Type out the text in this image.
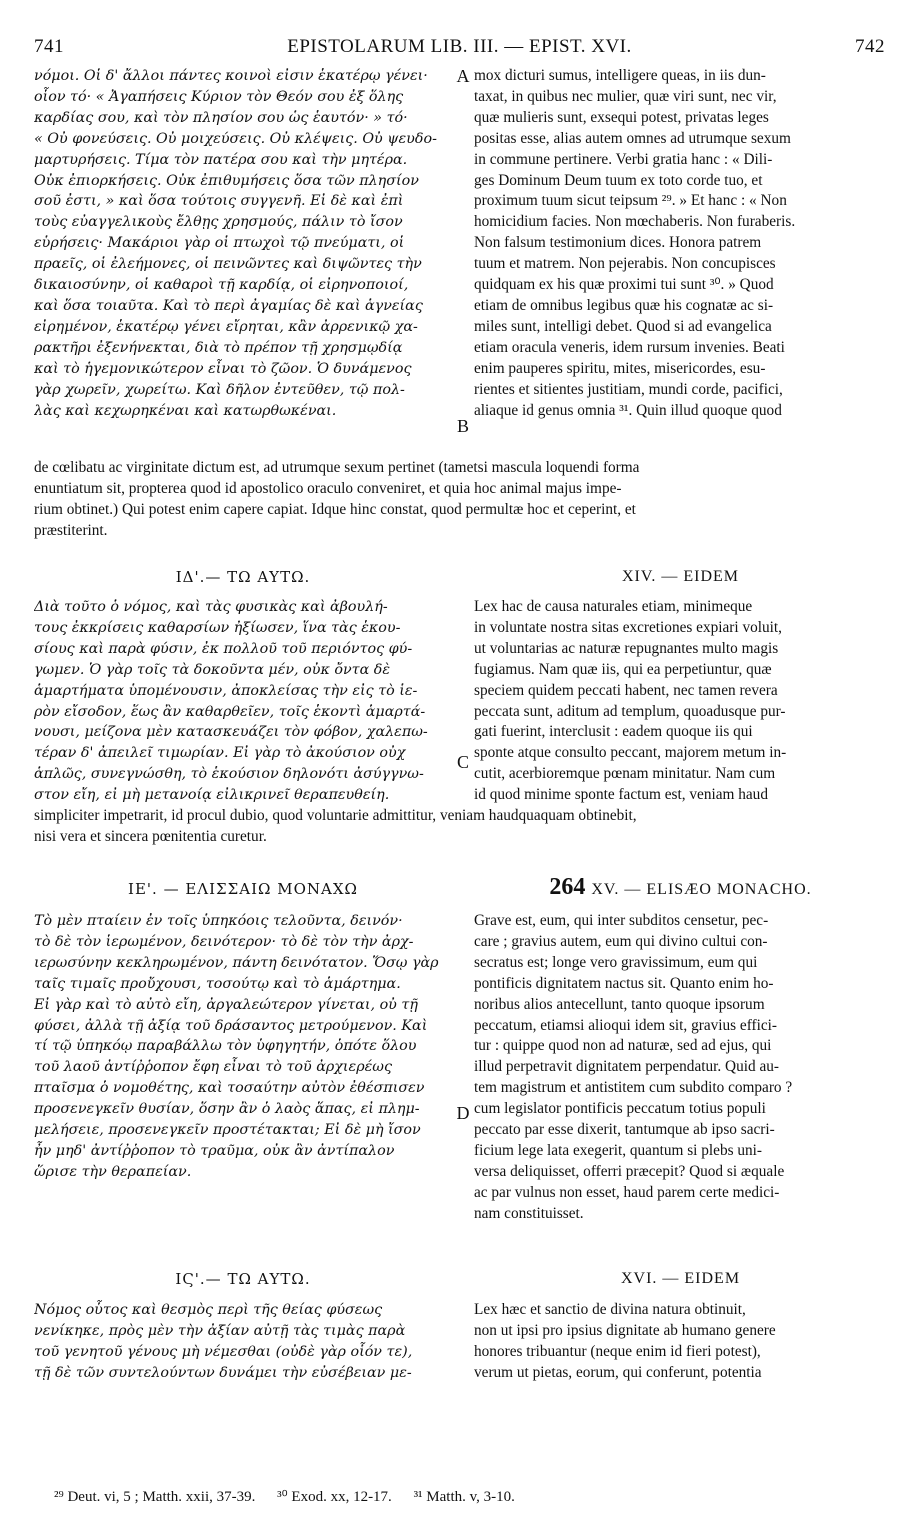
741	EPISTOLARUM LIB. III. — EPIST. XVI.	742
νόμοι. Οἱ δ' ἄλλοι πάντες κοινοὶ εἰσιν ἑκατέρῳ γένει·
οἷον τό· « Ἀγαπήσεις Κύριον τὸν Θεόν σου ἐξ ὅλης
καρδίας σου, καὶ τὸν πλησίον σου ὡς ἑαυτόν· » τό·
« Οὐ φονεύσεις. Οὐ μοιχεύσεις. Οὐ κλέψεις. Οὐ ψευδο-
μαρτυρήσεις. Τίμα τὸν πατέρα σου καὶ τὴν μητέρα.
Οὐκ ἐπιορκήσεις. Οὐκ ἐπιθυμήσεις ὅσα τῶν πλησίον
σοῦ ἐστι, » καὶ ὅσα τούτοις συγγενῆ. Εἰ δὲ καὶ ἐπὶ
τοὺς εὐαγγελικοὺς ἔλθῃς χρησμούς, πάλιν τὸ ἴσον
εὑρήσεις· Μακάριοι γὰρ οἱ πτωχοὶ τῷ πνεύματι, οἱ
πραεῖς, οἱ ἐλεήμονες, οἱ πεινῶντες καὶ διψῶντες τὴν
δικαιοσύνην, οἱ καθαροὶ τῇ καρδίᾳ, οἱ εἰρηνοποιοί,
καὶ ὅσα τοιαῦτα. Καὶ τὸ περὶ ἀγαμίας δὲ καὶ ἁγνείας
εἰρημένον, ἑκατέρῳ γένει εἴρηται, κἂν ἀρρενικῷ χα-
ρακτῆρι ἐξενήνεκται, διὰ τὸ πρέπον τῇ χρησμῳδίᾳ
καὶ τὸ ἡγεμονικώτερον εἶναι τὸ ζῶον. Ὁ δυνάμενος
γὰρ χωρεῖν, χωρείτω. Καὶ δῆλον ἐντεῦθεν, τῷ πολ-
λὰς καὶ κεχωρηκέναι καὶ κατωρθωκέναι.
mox dicturi sumus, intelligere queas, in iis dun-
taxat, in quibus nec mulier, quæ viri sunt, nec vir,
quæ mulieris sunt, exsequi potest, privatas leges
positas esse, alias autem omnes ad utrumque sexum
in commune pertinere. Verbi gratia hanc : « Dili-
ges Dominum Deum tuum ex toto corde tuo, et
proximum tuum sicut teipsum ²⁹. » Et hanc : « Non
homicidium facies. Non mœchaberis. Non furaberis.
Non falsum testimonium dices. Honora patrem
tuum et matrem. Non pejerabis. Non concupisces
quidquam ex his quæ proximi tui sunt ³⁰. » Quod
etiam de omnibus legibus quæ his cognatæ ac si-
miles sunt, intelligi debet. Quod si ad evangelica
etiam oracula veneris, idem rursum invenies. Beati
enim pauperes spiritu, mites, misericordes, esu-
rientes et sitientes justitiam, mundi corde, pacifici,
aliaque id genus omnia ³¹. Quin illud quoque quod
A
B
de cœlibatu ac virginitate dictum est, ad utrumque sexum pertinet (tametsi mascula loquendi forma
enuntiatum sit, propterea quod id apostolico oraculo conveniret, et quia hoc animal majus impe-
rium obtinet.) Qui potest enim capere capiat. Idque hinc constat, quod permultæ hoc et ceperint, et
præstiterint.
ΙΔ'.— ΤΩ ΑΥΤΩ.	XIV. — EIDEM
Διὰ τοῦτο ὁ νόμος, καὶ τὰς φυσικὰς καὶ ἀβουλή-
τους ἐκκρίσεις καθαρσίων ἠξίωσεν, ἵνα τὰς ἑκου-
σίους καὶ παρὰ φύσιν, ἐκ πολλοῦ τοῦ περιόντος φύ-
γωμεν. Ὁ γὰρ τοῖς τὰ δοκοῦντα μέν, οὐκ ὄντα δὲ
ἁμαρτήματα ὑπομένουσιν, ἀποκλείσας τὴν εἰς τὸ ἱε-
ρὸν εἴσοδον, ἕως ἂν καθαρθεῖεν, τοῖς ἑκοντὶ ἁμαρτά-
νουσι, μείζονα μὲν κατασκευάζει τὸν φόβον, χαλεπω-
τέραν δ' ἀπειλεῖ τιμωρίαν. Εἰ γὰρ τὸ ἀκούσιον οὐχ
ἁπλῶς, συνεγνώσθη, τὸ ἑκούσιον δηλονότι ἀσύγγνω-
στον εἴη, εἰ μὴ μετανοίᾳ εἰλικρινεῖ θεραπευθείη.
Lex hac de causa naturales etiam, minimeque
in voluntate nostra sitas excretiones expiari voluit,
ut voluntarias ac naturæ repugnantes multo magis
fugiamus. Nam quæ iis, qui ea perpetiuntur, quæ
speciem quidem peccati habent, nec tamen revera
peccata sunt, aditum ad templum, quoadusque pur-
gati fuerint, interclusit : eadem quoque iis qui
sponte atque consulto peccant, majorem metum in-
cutit, acerbioremque pœnam minitatur. Nam cum
id quod minime sponte factum est, veniam haud
C
simpliciter impetrarit, id procul dubio, quod voluntarie admittitur, veniam haudquaquam obtinebit,
nisi vera et sincera pœnitentia curetur.
ΙΕ'. — ΕΛΙΣΣΑΙΩ ΜΟΝΑΧΩ	264 XV. — ELISÆO MONACHO.
Τὸ μὲν πταίειν ἐν τοῖς ὑπηκόοις τελοῦντα, δεινόν·
τὸ δὲ τὸν ἱερωμένον, δεινότερον· τὸ δὲ τὸν τὴν ἀρχ-
ιερωσύνην κεκληρωμένον, πάντη δεινότατον. Ὅσῳ γὰρ
ταῖς τιμαῖς προὔχουσι, τοσούτῳ καὶ τὸ ἁμάρτημα.
Εἰ γὰρ καὶ τὸ αὐτὸ εἴη, ἀργαλεώτερον γίνεται, οὐ τῇ
φύσει, ἀλλὰ τῇ ἀξίᾳ τοῦ δράσαντος μετρούμενον. Καὶ
τί τῷ ὑπηκόῳ παραβάλλω τὸν ὑφηγητήν, ὁπότε ὅλου
τοῦ λαοῦ ἀντίῤῥοπον ἔφη εἶναι τὸ τοῦ ἀρχιερέως
πταῖσμα ὁ νομοθέτης, καὶ τοσαύτην αὐτὸν ἐθέσπισεν
προσενεγκεῖν θυσίαν, ὅσην ἂν ὁ λαὸς ἅπας, εἰ πλημ-
μελήσειε, προσενεγκεῖν προστέτακται; Εἰ δὲ μὴ ἴσον
ἦν μηδ' ἀντίῤῥοπον τὸ τραῦμα, οὐκ ἂν ἀντίπαλον
ὥρισε τὴν θεραπείαν.
Grave est, eum, qui inter subditos censetur, pec-
care ; gravius autem, eum qui divino cultui con-
secratus est; longe vero gravissimum, eum qui
pontificis dignitatem nactus sit. Quanto enim ho-
noribus alios antecellunt, tanto quoque ipsorum
peccatum, etiamsi alioqui idem sit, gravius effici-
tur : quippe quod non ad naturæ, sed ad ejus, qui
illud perpetravit dignitatem perpendatur. Quid au-
tem magistrum et antistitem cum subdito comparo ?
cum legislator pontificis peccatum totius populi
peccato par esse dixerit, tantumque ab ipso sacri-
ficium lege lata exegerit, quantum si plebs uni-
versa deliquisset, offerri præcepit? Quod si æquale
ac par vulnus non esset, haud parem certe medici-
nam constituisset.
D
ΙϚ'.— ΤΩ ΑΥΤΩ.	XVI. — EIDEM
Νόμος οὗτος καὶ θεσμὸς περὶ τῆς θείας φύσεως
νενίκηκε, πρὸς μὲν τὴν ἀξίαν αὐτῇ τὰς τιμὰς παρὰ
τοῦ γενητοῦ γένους μὴ νέμεσθαι (οὐδὲ γὰρ οἷόν τε),
τῇ δὲ τῶν συντελούντων δυνάμει τὴν εὐσέβειαν με-
Lex hæc et sanctio de divina natura obtinuit,
non ut ipsi pro ipsius dignitate ab humano genere
honores tribuantur (neque enim id fieri potest),
verum ut pietas, eorum, qui conferunt, potentia
²⁹ Deut. vi, 5 ; Matth. xxii, 37-39. ³⁰ Exod. xx, 12-17. ³¹ Matth. v, 3-10.
